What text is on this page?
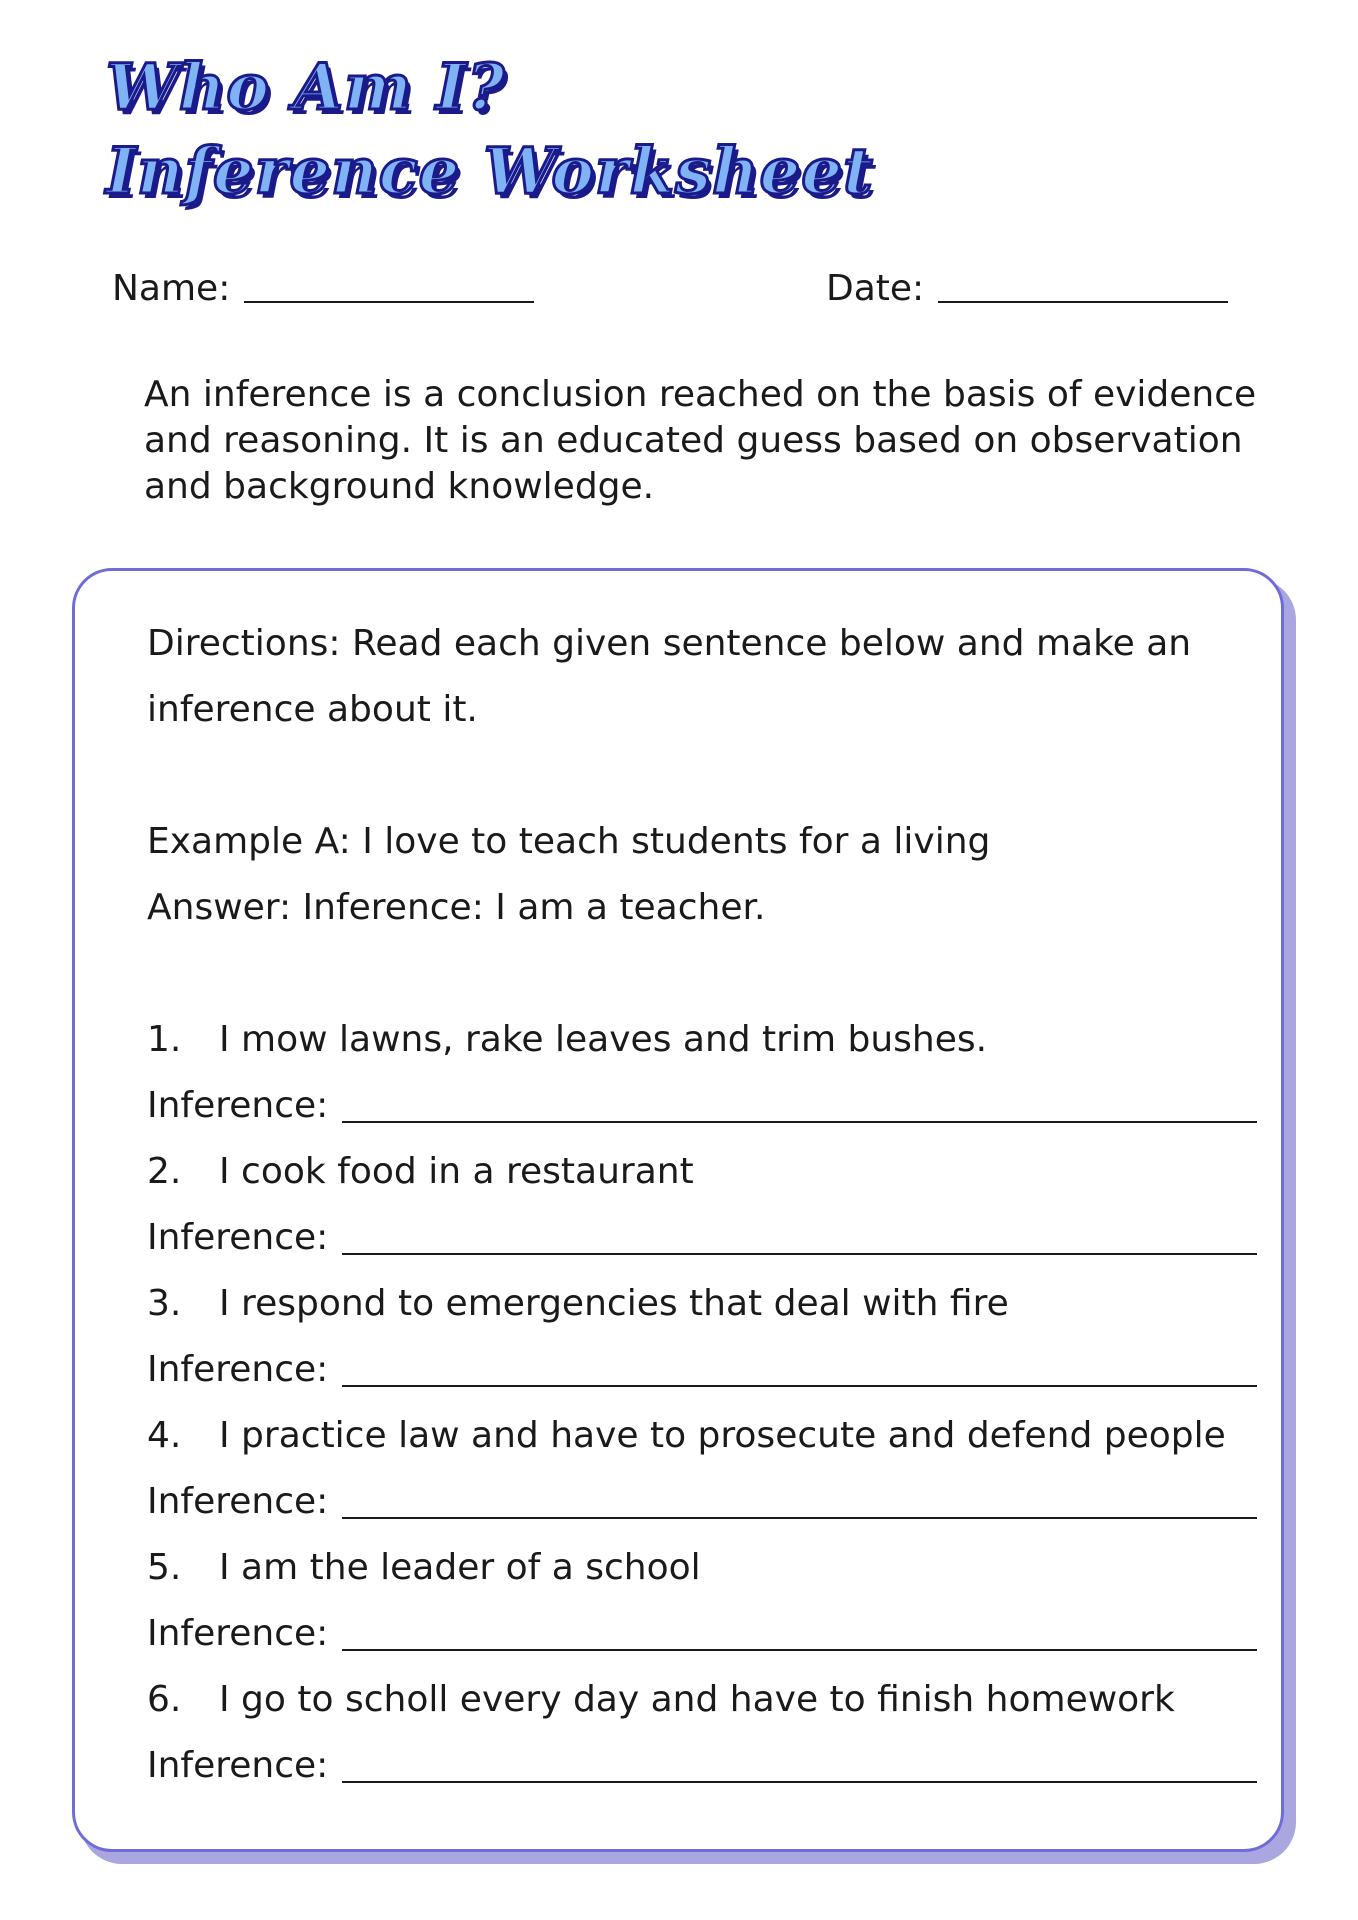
Who Am I?
Inference Worksheet
Name:	Date:
An inference is a conclusion reached on the basis of evidence and reasoning. It is an educated guess based on observation and background knowledge.
Directions: Read each given sentence below and make an
inference about it.
Example A: I love to teach students for a living
Answer: Inference: I am a teacher.
1.	I mow lawns, rake leaves and trim bushes.
Inference:
2.	I cook food in a restaurant
Inference:
3.	I respond to emergencies that deal with fire
Inference:
4.	I practice law and have to prosecute and defend people
Inference:
5.	I am the leader of a school
Inference:
6.	I go to scholl every day and have to finish homework
Inference:
